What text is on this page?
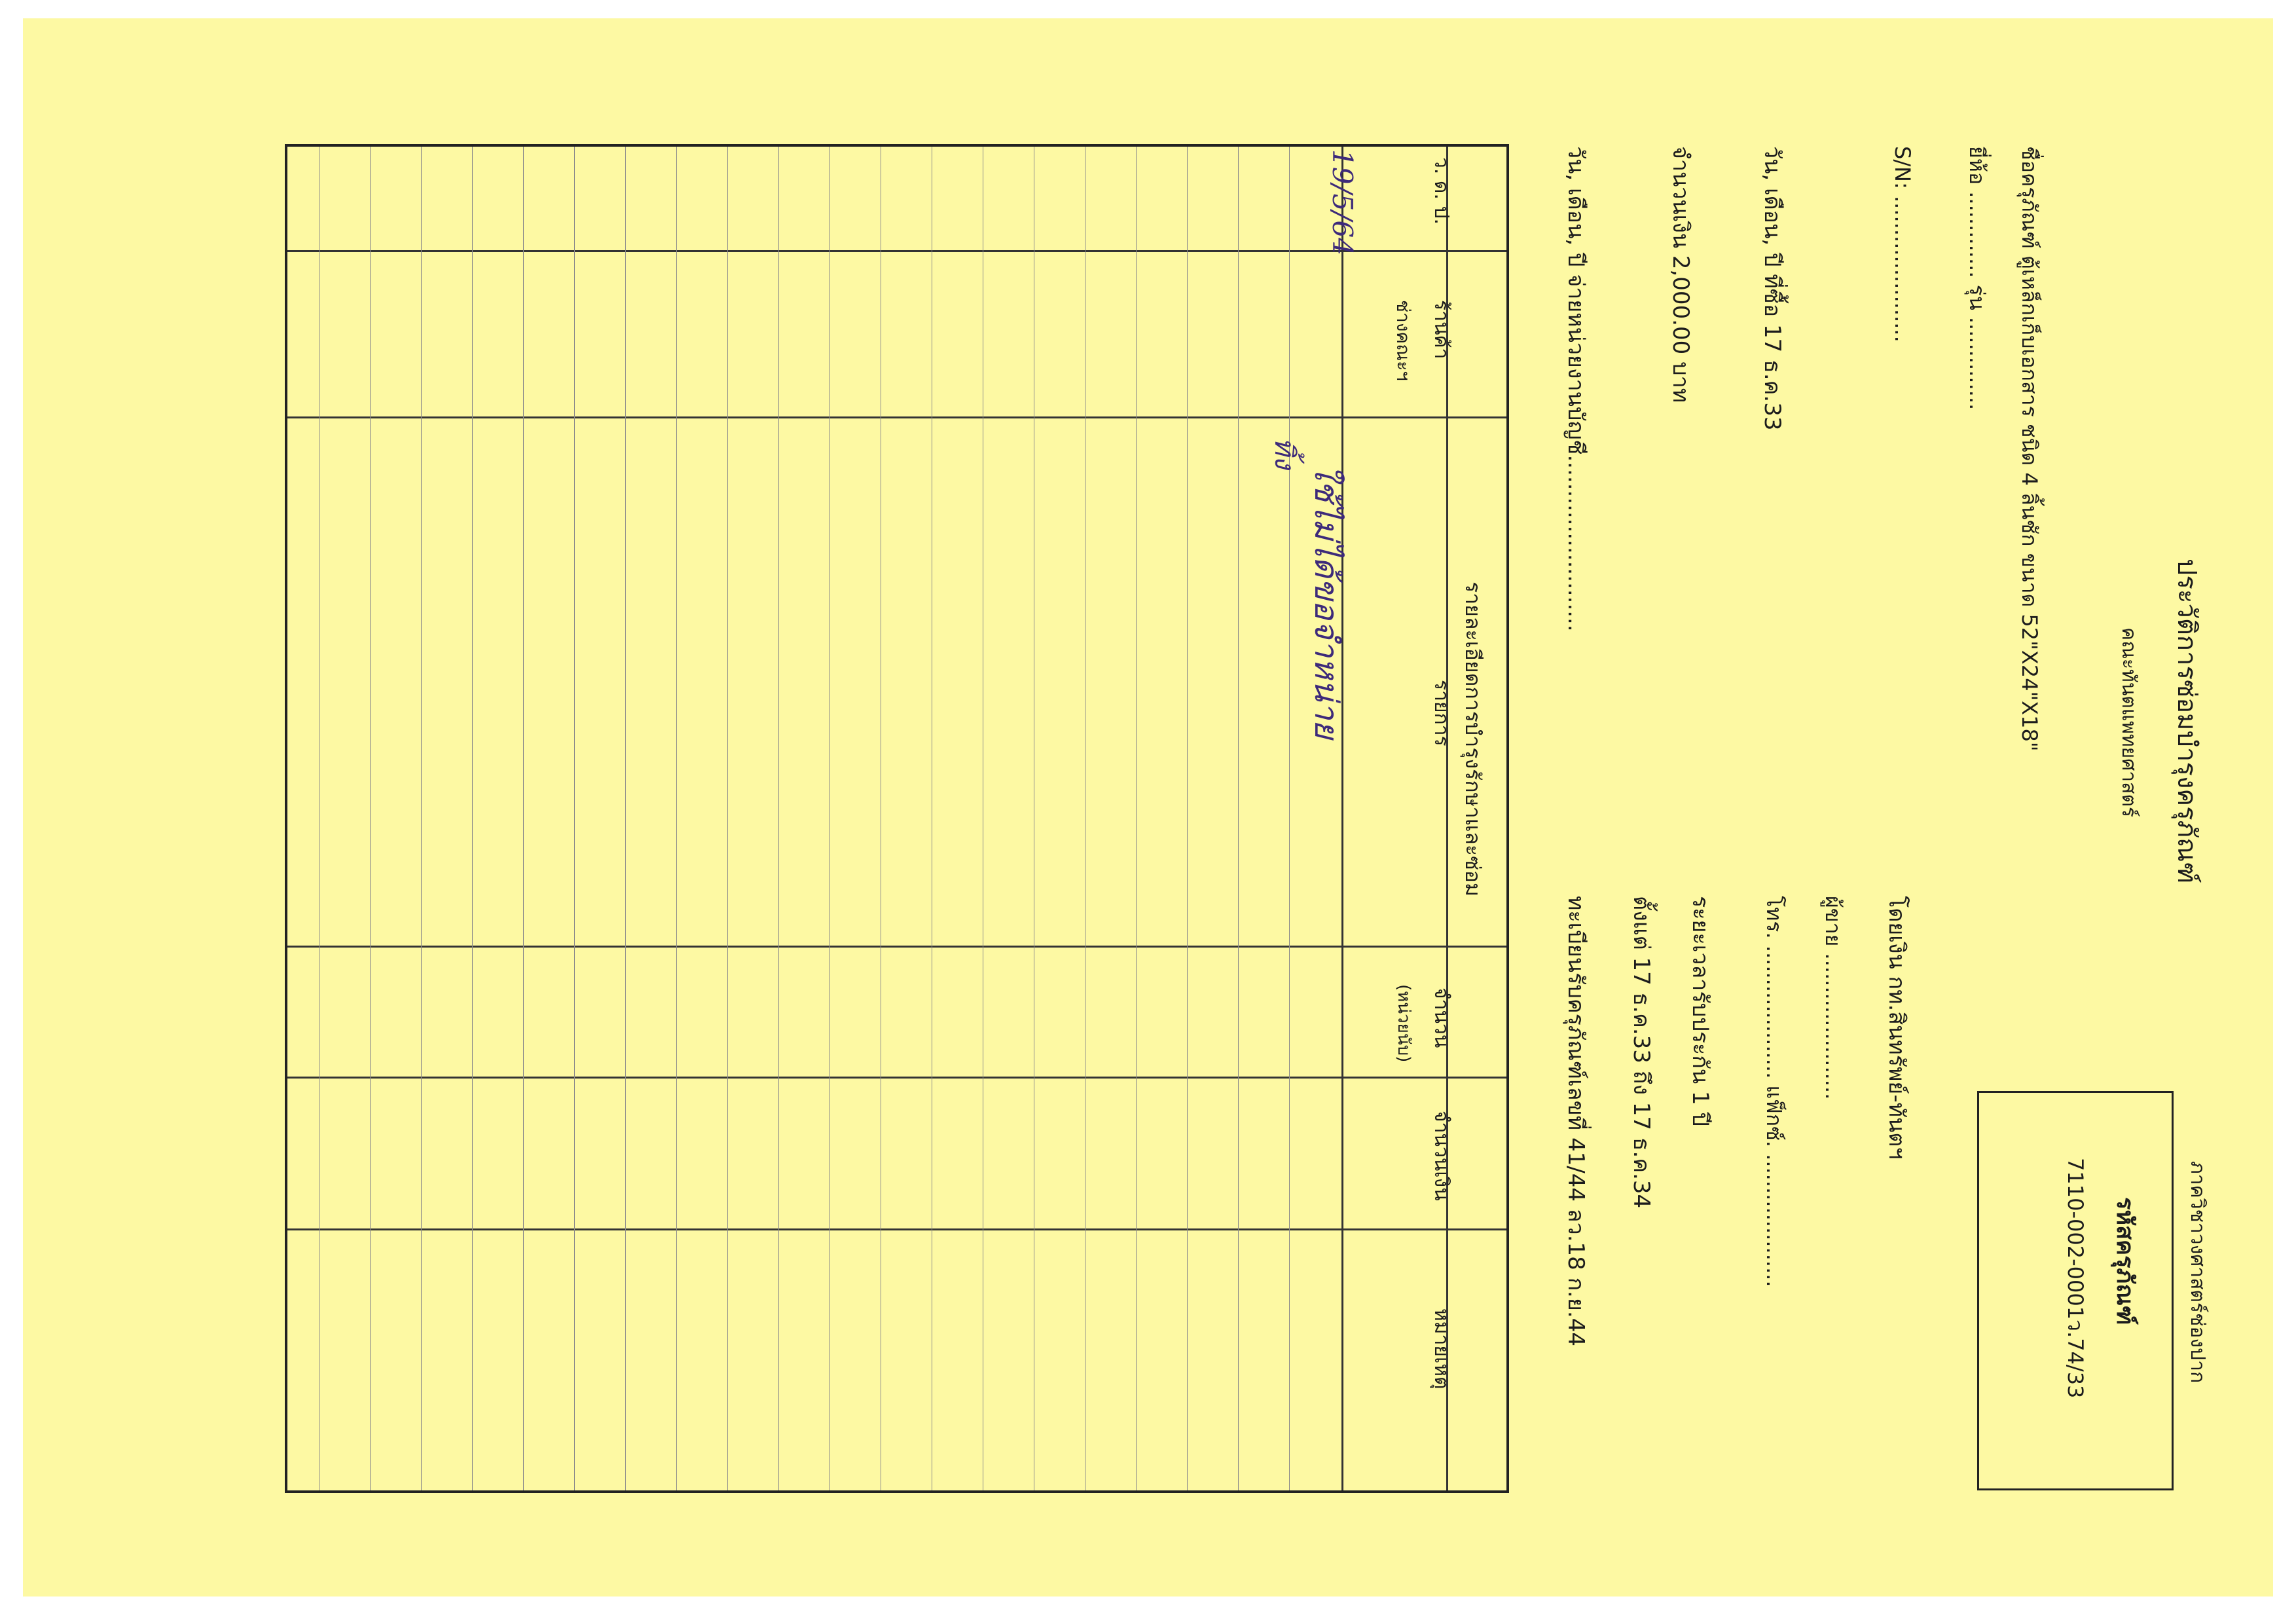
ภาควิชาวงศาสตร์ช่องปาก
รหัสครุภัณฑ์
7110-002-0001ว.74/33
ประวัติการซ่อมบำรุงครุภัณฑ์
คณะทันตแพทยศาสตร์
ชื่อครุภัณฑ์ ตู้เหล็กเก็บเอกสาร ชนิด 4 ลิ้นชัก ขนาด 52"X24"X18"
ยี่ห้อ ............. รุ่น ..............
S/N: ......................
วัน, เดือน, ปี ที่ซื้อ 17 ธ.ค.33
จำนวนเงิน 2,000.00 บาท
โดยเงิน กท.สินทรัพย์-ทันตฯ
ผู้ขาย ......................
โทร. .................... แฟ็กซ์. ....................
ระยะเวลารับประกัน 1 ปี
ตั้งแต่ 17 ธ.ค.33 ถึง 17 ธ.ค.34
วัน, เดือน, ปี จ่ายหน่วยงานบัญชี.........................
ทะเบียนรับครุภัณฑ์เลขที่ 41/44 ลว.18 ก.ย.44
รายละเอียดการบำรุงรักษาและซ่อม
ว. ด. ป.
ร้านค้า
ช่างคณะฯ
รายการ
จำนวน
(หน่วยนับ)
จำนวนเงิน
หมายเหตุ
19/5/64
ใช้ไม่ได้ขอจำหน่าย
ทิ้ง
